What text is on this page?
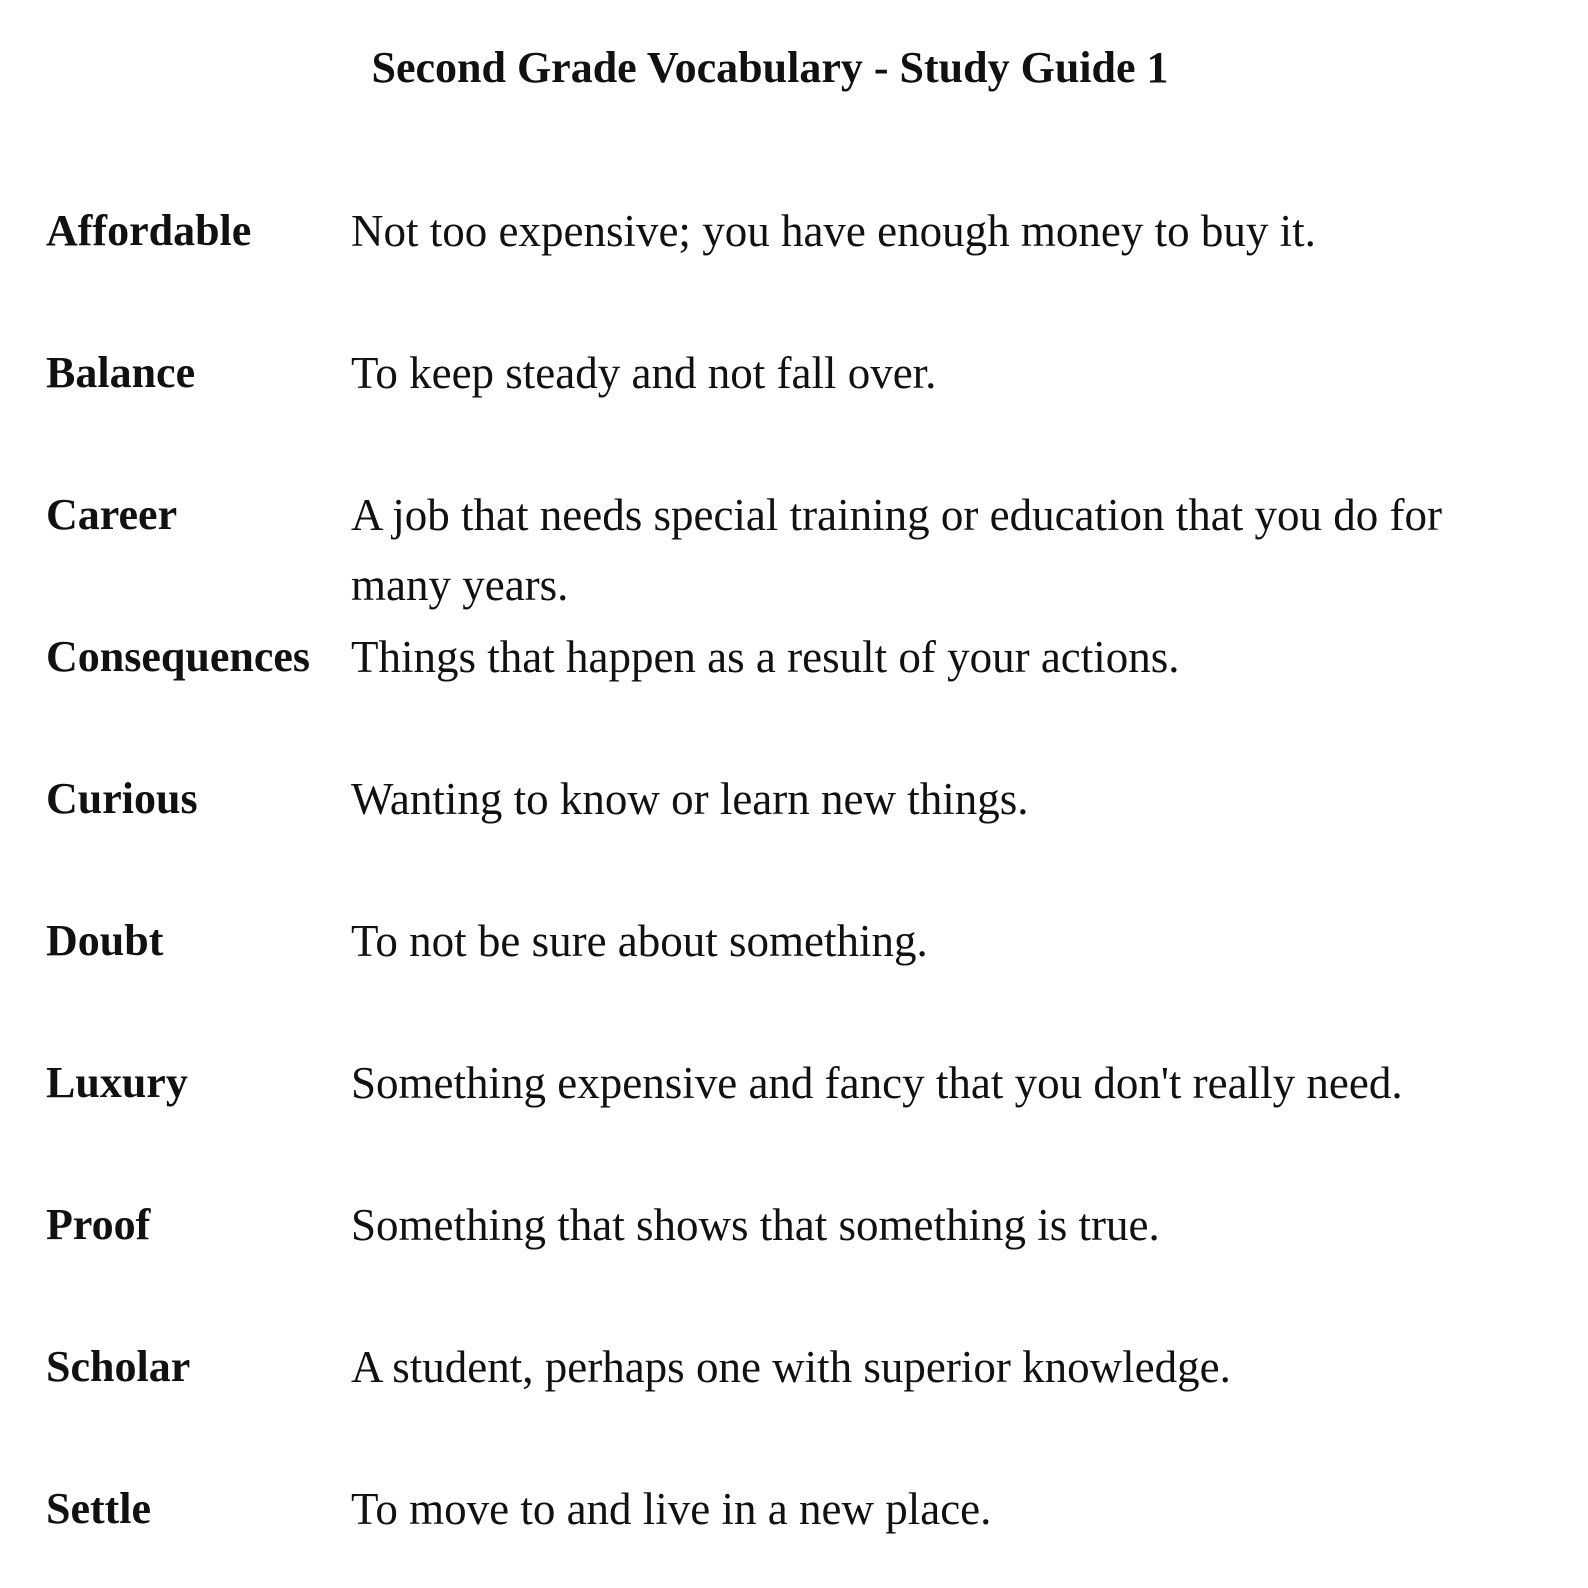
Second Grade Vocabulary - Study Guide 1
Affordable Not too expensive; you have enough money to buy it.
Balance	To keep steady and not fall over.
Career	A job that needs special training or education that you do for many years.
Consequences Things that happen as a result of your actions.
Curious	Wanting to know or learn new things.
Doubt	To not be sure about something.
Luxury	Something expensive and fancy that you don't really need.
Proof	Something that shows that something is true.
Scholar	A student, perhaps one with superior knowledge.
Settle	To move to and live in a new place.
